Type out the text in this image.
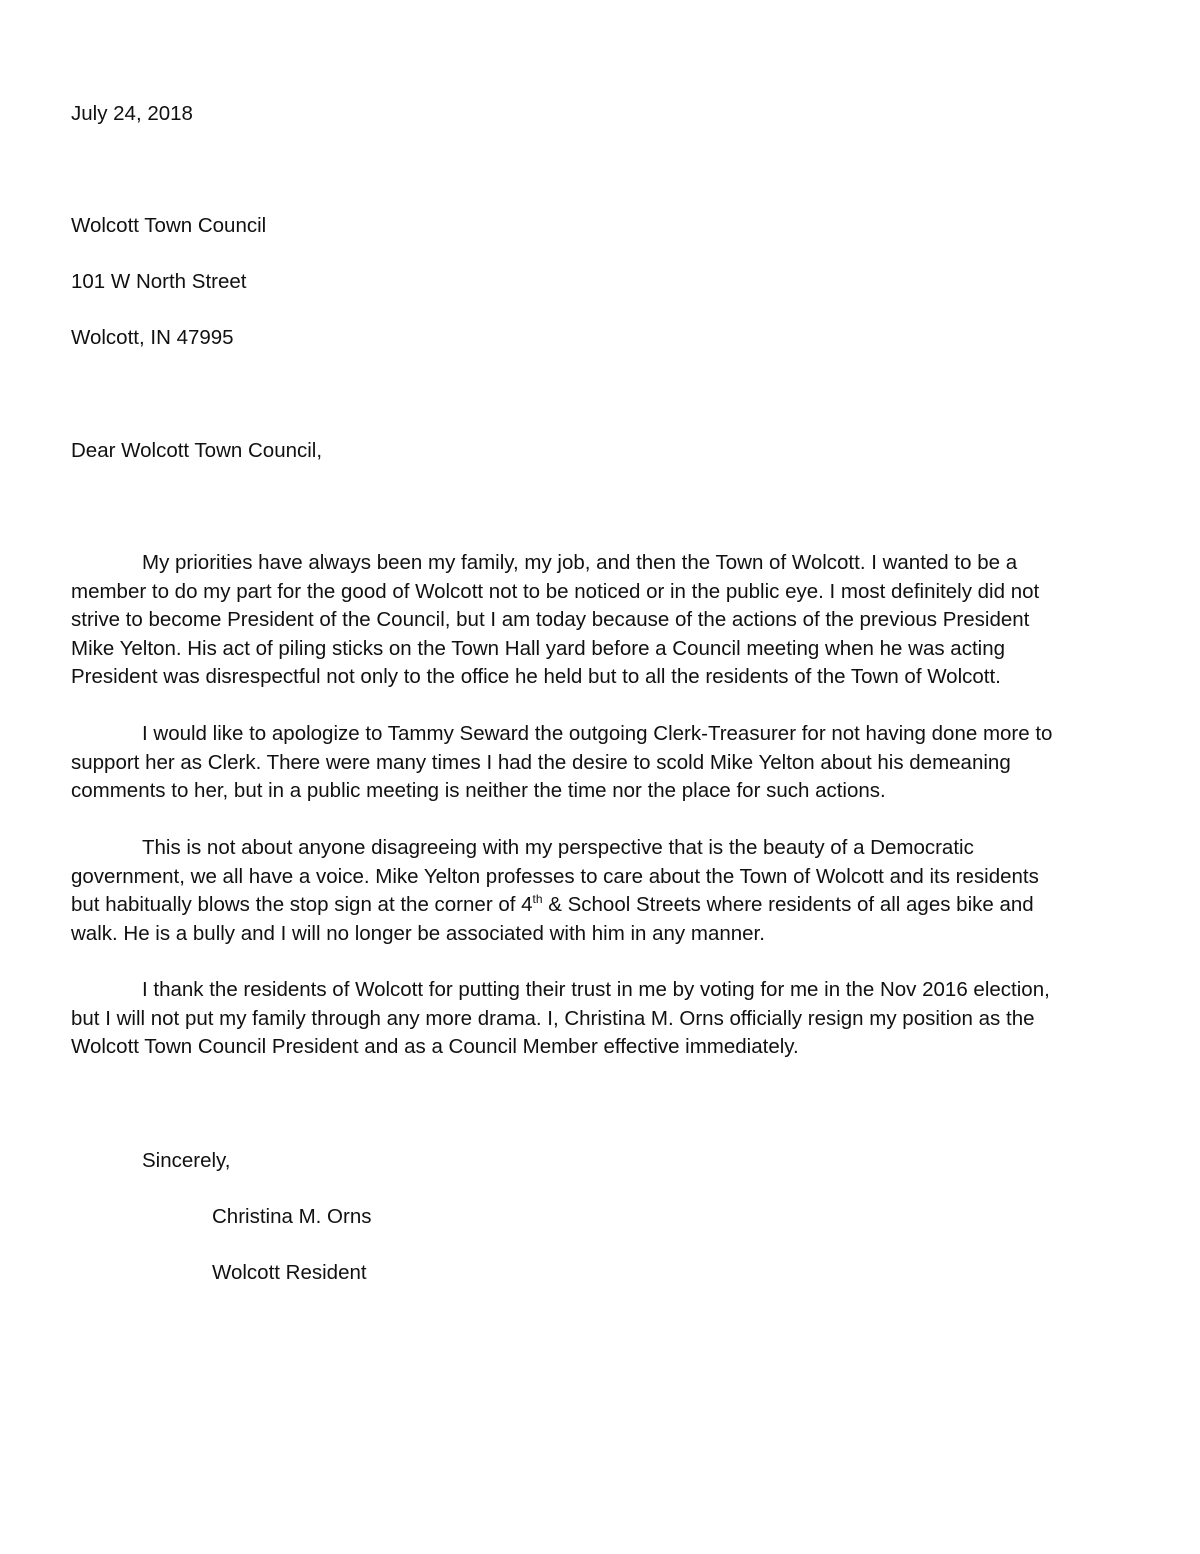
July 24, 2018
Wolcott Town Council
101 W North Street
Wolcott, IN 47995
Dear Wolcott Town Council,
My priorities have always been my family, my job, and then the Town of Wolcott. I wanted to be a
member to do my part for the good of Wolcott not to be noticed or in the public eye. I most definitely did not
strive to become President of the Council, but I am today because of the actions of the previous President
Mike Yelton. His act of piling sticks on the Town Hall yard before a Council meeting when he was acting
President was disrespectful not only to the office he held but to all the residents of the Town of Wolcott.
I would like to apologize to Tammy Seward the outgoing Clerk-Treasurer for not having done more to
support her as Clerk. There were many times I had the desire to scold Mike Yelton about his demeaning
comments to her, but in a public meeting is neither the time nor the place for such actions.
This is not about anyone disagreeing with my perspective that is the beauty of a Democratic
government, we all have a voice. Mike Yelton professes to care about the Town of Wolcott and its residents
but habitually blows the stop sign at the corner of 4th & School Streets where residents of all ages bike and
walk. He is a bully and I will no longer be associated with him in any manner.
I thank the residents of Wolcott for putting their trust in me by voting for me in the Nov 2016 election,
but I will not put my family through any more drama. I, Christina M. Orns officially resign my position as the
Wolcott Town Council President and as a Council Member effective immediately.
Sincerely,
Christina M. Orns
Wolcott Resident
